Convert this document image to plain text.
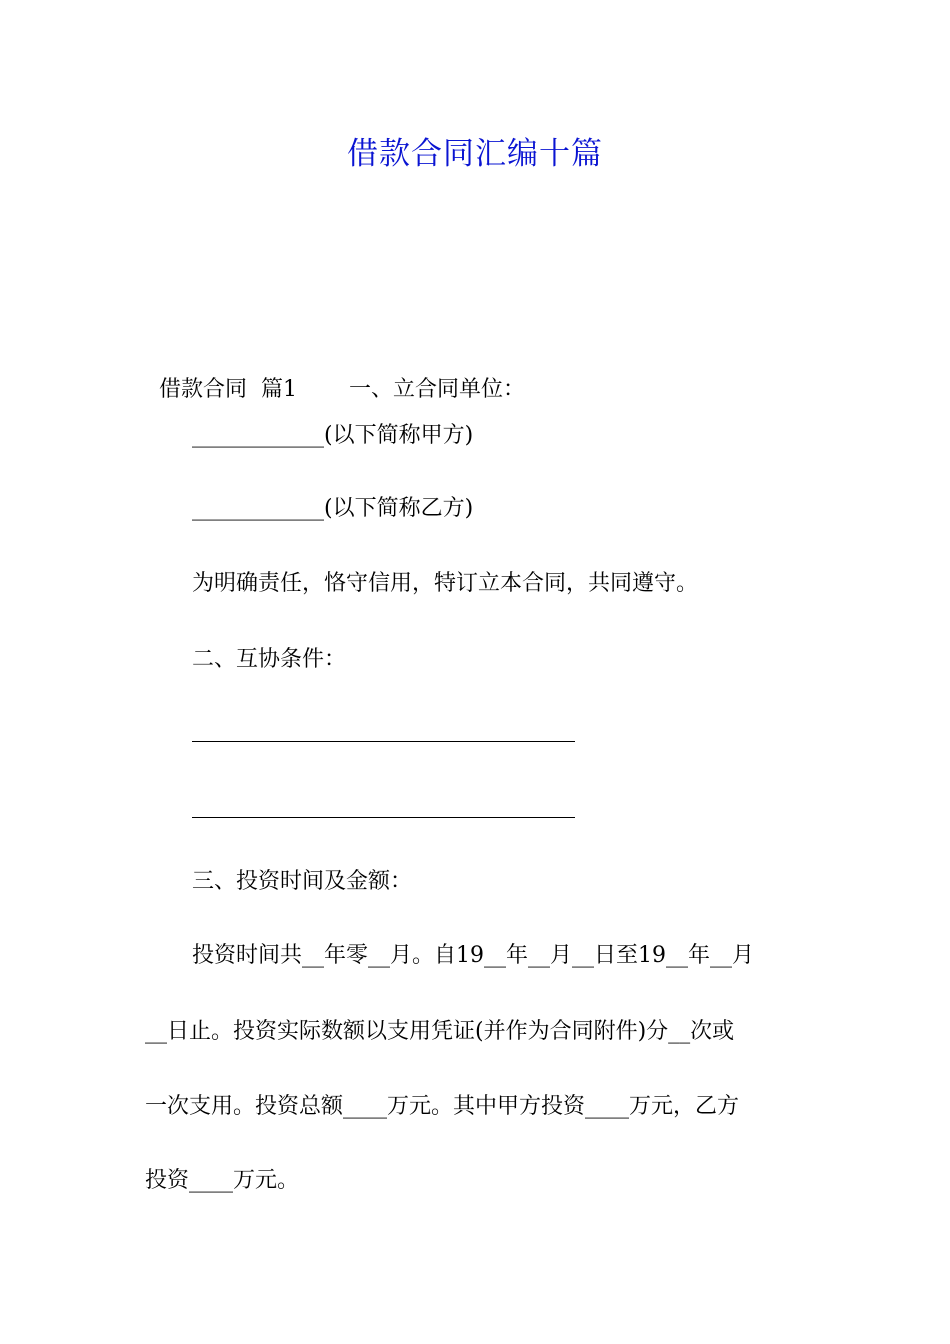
借款合同汇编十篇

借款合同  篇1 一、立合同单位：

____________(以下简称甲方)
____________(以下简称乙方)
为明确责任，恪守信用，特订立本合同，共同遵守。
二、互协条件：
三、投资时间及金额：
投资时间共__年零__月。自19__年__月__日至19__年__月
__日止。投资实际数额以支用凭证(并作为合同附件)分__次或
一次支用。投资总额____万元。其中甲方投资____万元，乙方
投资____万元。
